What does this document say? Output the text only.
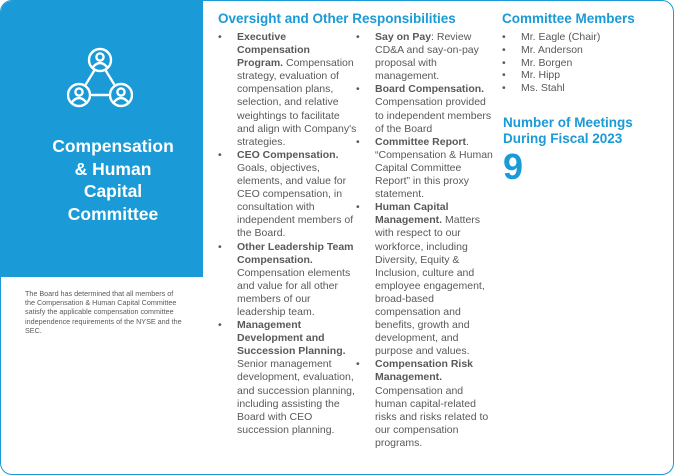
Compensation
& Human
Capital
Committee
The Board has determined that all members of the Compensation & Human Capital Committee satisfy the applicable compensation committee independence requirements of the NYSE and the SEC.
Oversight and Other Responsibilities
• Executive Compensation Program. Compensation strategy, evaluation of compensation plans, selection, and relative weightings to facilitate and align with Company's strategies.
• CEO Compensation. Goals, objectives, elements, and value for CEO compensation, in consultation with independent members of the Board.
• Other Leadership Team Compensation. Compensation elements and value for all other members of our leadership team.
• Management Development and Succession Planning. Senior management development, evaluation, and succession planning, including assisting the Board with CEO succession planning.
• Say on Pay: Review CD&A and say-on-pay proposal with management.
• Board Compensation. Compensation provided to independent members of the Board
• Committee Report. “Compensation & Human Capital Committee Report” in this proxy statement.
• Human Capital Management. Matters with respect to our workforce, including Diversity, Equity & Inclusion, culture and employee engagement, broad-based compensation and benefits, growth and development, and purpose and values.
• Compensation Risk Management. Compensation and human capital-related risks and risks related to our compensation programs.
Committee Members
• Mr. Eagle (Chair)
• Mr. Anderson
• Mr. Borgen
• Mr. Hipp
• Ms. Stahl
Number of Meetings
During Fiscal 2023
9
